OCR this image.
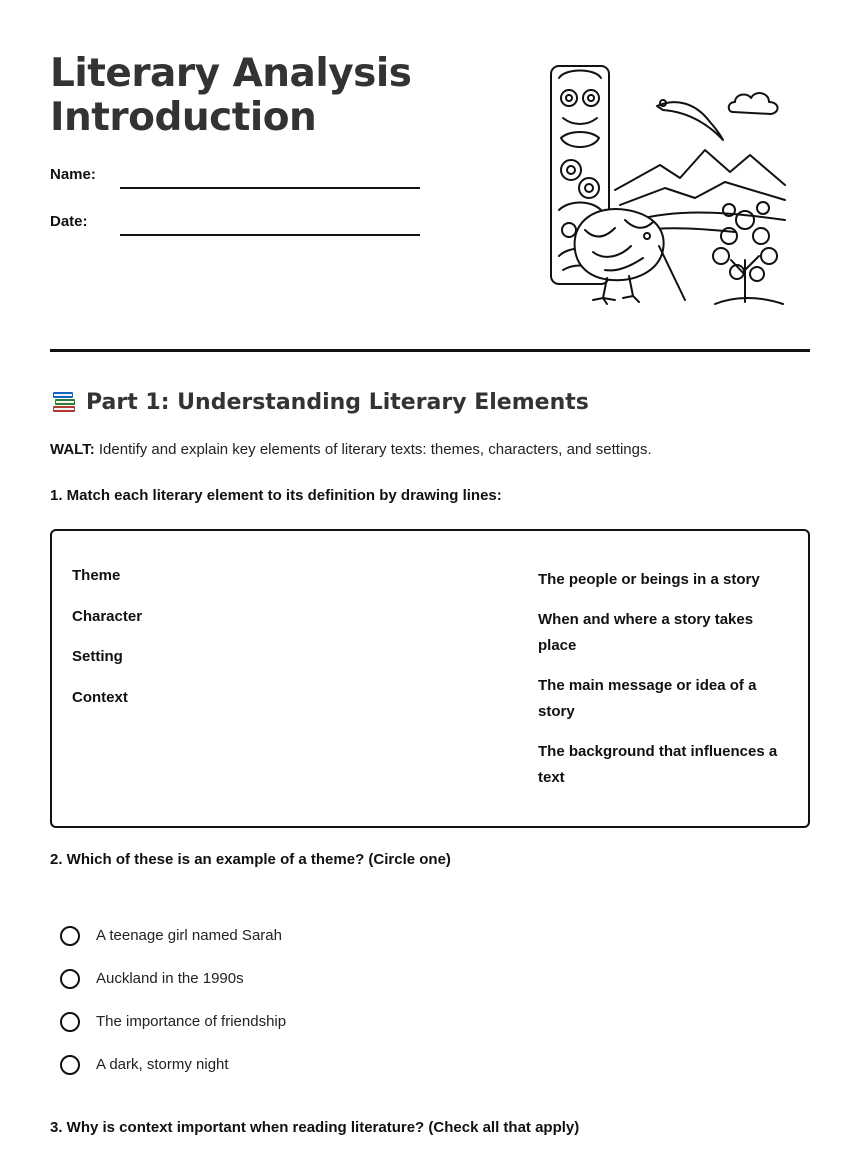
Literary Analysis
Introduction
Name:
Date:
Part 1: Understanding Literary Elements
WALT: Identify and explain key elements of literary texts: themes, characters, and settings.
1. Match each literary element to its definition by drawing lines:
Theme
Character
Setting
Context
The people or beings in a story
When and where a story takes place
The main message or idea of a story
The background that influences a text
2. Which of these is an example of a theme? (Circle one)
A teenage girl named Sarah
Auckland in the 1990s
The importance of friendship
A dark, stormy night
3. Why is context important when reading literature? (Check all that apply)
